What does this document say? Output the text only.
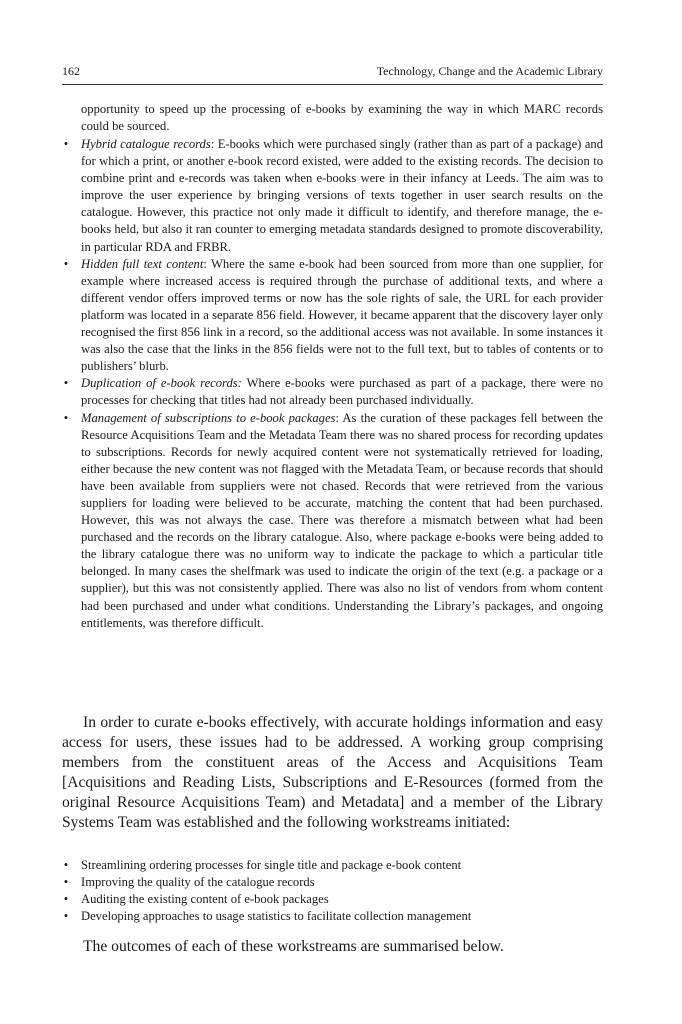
162	Technology, Change and the Academic Library

opportunity to speed up the processing of e-books by examining the way in which MARC records could be sourced.

• Hybrid catalogue records: E-books which were purchased singly (rather than as part of a package) and for which a print, or another e-book record existed, were added to the existing records. The decision to combine print and e-records was taken when e-books were in their infancy at Leeds. The aim was to improve the user experience by bringing versions of texts together in user search results on the catalogue. However, this practice not only made it difficult to identify, and therefore manage, the e-books held, but also it ran counter to emerging metadata standards designed to promote discoverability, in particular RDA and FRBR.

• Hidden full text content: Where the same e-book had been sourced from more than one supplier, for example where increased access is required through the purchase of additional texts, and where a different vendor offers improved terms or now has the sole rights of sale, the URL for each provider platform was located in a separate 856 field. However, it became apparent that the discovery layer only recognised the first 856 link in a record, so the additional access was not available. In some instances it was also the case that the links in the 856 fields were not to the full text, but to tables of contents or to publishers’ blurb.

• Duplication of e-book records: Where e-books were purchased as part of a package, there were no processes for checking that titles had not already been purchased individually.

• Management of subscriptions to e-book packages: As the curation of these packages fell between the Resource Acquisitions Team and the Metadata Team there was no shared process for recording updates to subscriptions. Records for newly acquired content were not systematically retrieved for loading, either because the new content was not flagged with the Metadata Team, or because records that should have been available from suppliers were not chased. Records that were retrieved from the various suppliers for loading were believed to be accurate, matching the content that had been purchased. However, this was not always the case. There was therefore a mismatch between what had been purchased and the records on the library catalogue. Also, where package e-books were being added to the library catalogue there was no uniform way to indicate the package to which a particular title belonged. In many cases the shelfmark was used to indicate the origin of the text (e.g. a package or a supplier), but this was not consistently applied. There was also no list of vendors from whom content had been purchased and under what conditions. Understanding the Library’s packages, and ongoing entitlements, was therefore difficult.

In order to curate e-books effectively, with accurate holdings information and easy access for users, these issues had to be addressed. A working group comprising members from the constituent areas of the Access and Acquisitions Team [Acquisitions and Reading Lists, Subscriptions and E-Resources (formed from the original Resource Acquisitions Team) and Metadata] and a member of the Library Systems Team was established and the following workstreams initiated:

• Streamlining ordering processes for single title and package e-book content
• Improving the quality of the catalogue records
• Auditing the existing content of e-book packages
• Developing approaches to usage statistics to facilitate collection management

The outcomes of each of these workstreams are summarised below.
